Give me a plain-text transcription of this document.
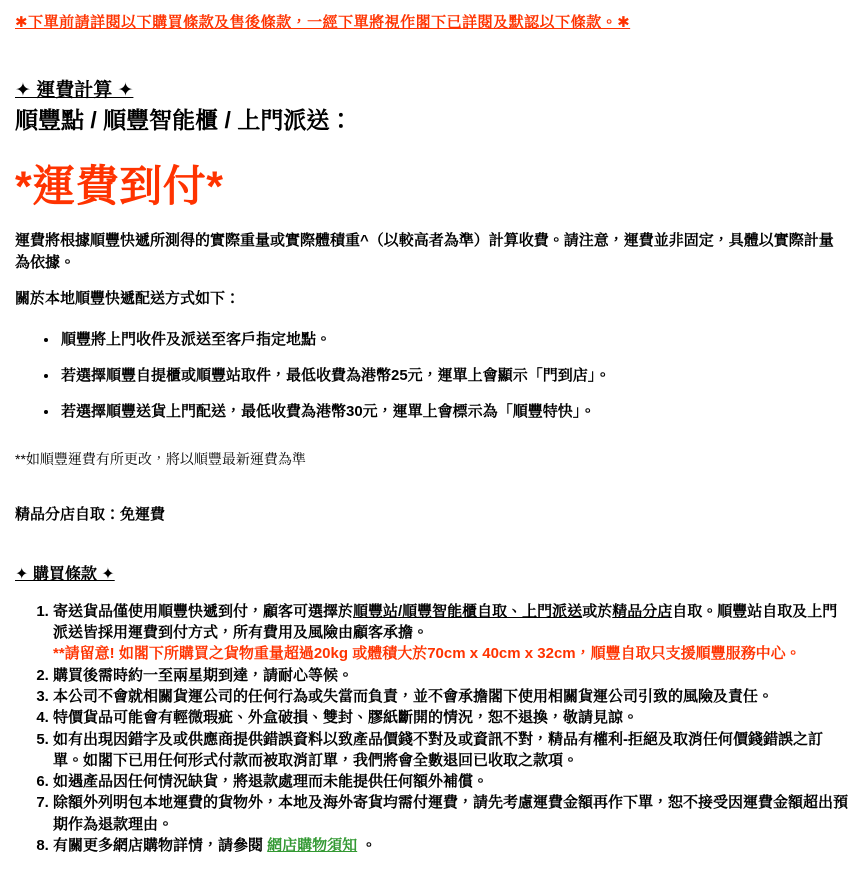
✱下單前請詳閱以下購買條款及售後條款，一經下單將視作閣下已詳閱及默認以下條款。✱

✦ 運費計算 ✦
順豐點 / 順豐智能櫃 / 上門派送：
*運費到付*

運費將根據順豐快遞所測得的實際重量或實際體積重^（以較高者為準）計算收費。請注意，運費並非固定，具體以實際計量為依據。

關於本地順豐快遞配送方式如下：

• 順豐將上門收件及派送至客戶指定地點。
• 若選擇順豐自提櫃或順豐站取件，最低收費為港幣25元，運單上會顯示「門到店」。
• 若選擇順豐送貨上門配送，最低收費為港幣30元，運單上會標示為「順豐特快」。

**如順豐運費有所更改，將以順豐最新運費為準

精品分店自取：免運費

✦ 購買條款 ✦
1. 寄送貨品僅使用順豐快遞到付，顧客可選擇於順豐站/順豐智能櫃自取、上門派送或於精品分店自取。順豐站自取及上門派送皆採用運費到付方式，所有費用及風險由顧客承擔。
**請留意! 如閣下所購買之貨物重量超過20kg 或體積大於70cm x 40cm x 32cm，順豐自取只支援順豐服務中心。
2. 購買後需時約一至兩星期到達，請耐心等候。
3. 本公司不會就相關貨運公司的任何行為或失當而負責，並不會承擔閣下使用相關貨運公司引致的風險及責任。
4. 特價貨品可能會有輕微瑕疵、外盒破損、雙封、膠紙斷開的情況，恕不退換，敬請見諒。
5. 如有出現因錯字及或供應商提供錯誤資料以致產品價錢不對及或資訊不對，精品有權利-拒絕及取消任何價錢錯誤之訂單。如閣下已用任何形式付款而被取消訂單，我們將會全數退回已收取之款項。
6. 如遇產品因任何情況缺貨，將退款處理而未能提供任何額外補償。
7. 除額外列明包本地運費的貨物外，本地及海外寄貨均需付運費，請先考慮運費金額再作下單，恕不接受因運費金額超出預期作為退款理由。
8. 有關更多網店購物詳情，請參閱 網店購物須知 。
